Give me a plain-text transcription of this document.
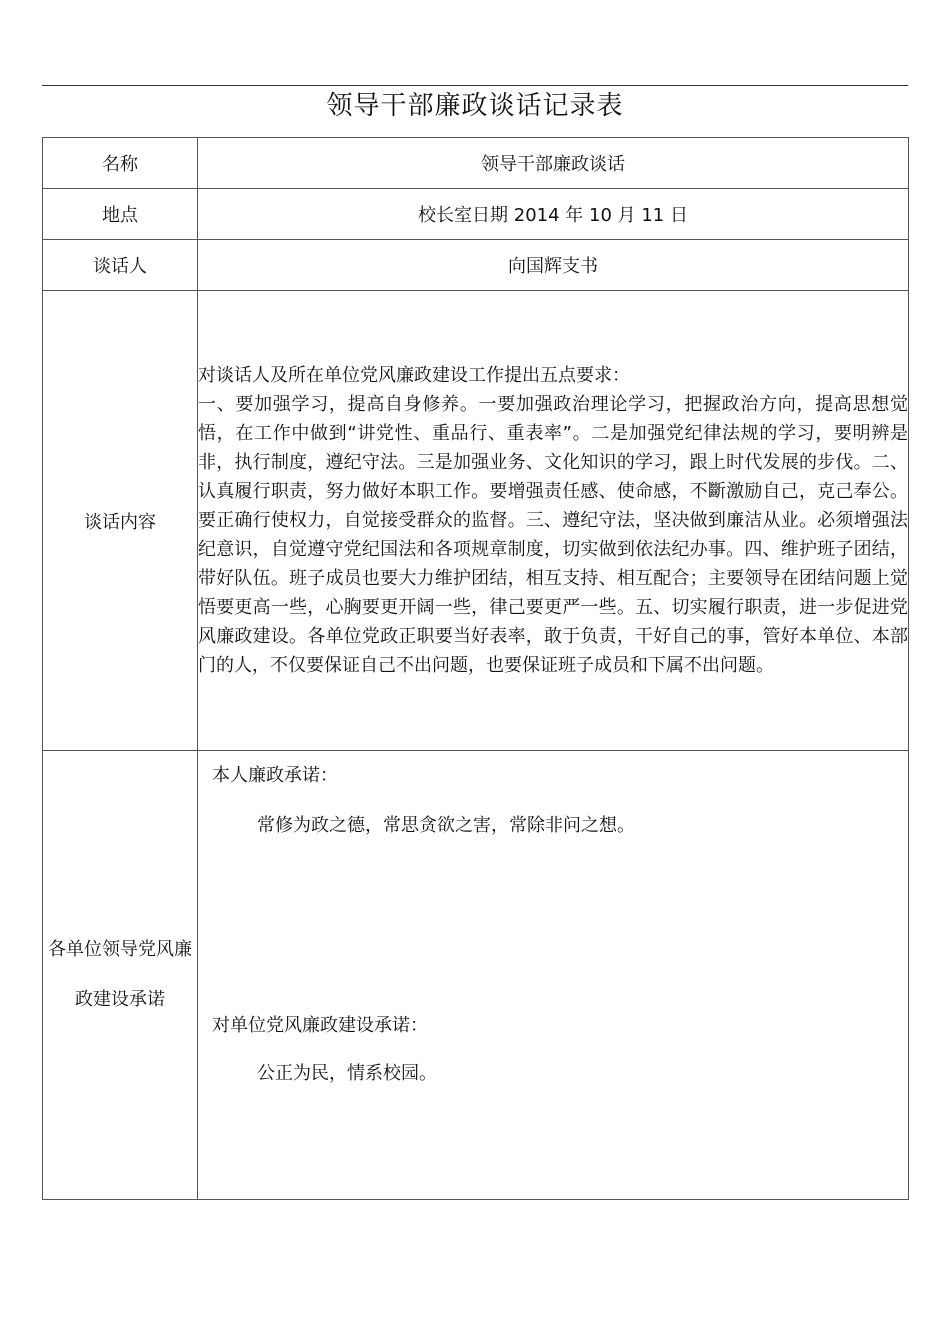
领导干部廉政谈话记录表
名称	领导干部廉政谈话
地点	校长室日期 2014 年 10 月 11 日
谈话人	向国辉支书
谈话内容	对谈话人及所在单位党风廉政建设工作提出五点要求：
一、要加强学习，提高自身修养。一要加强政治理论学习，把握政治方向，提高思想觉悟，在工作中做到“讲党性、重品行、重表率”。二是加强党纪律法规的学习，要明辨是非，执行制度，遵纪守法。三是加强业务、文化知识的学习，跟上时代发展的步伐。二、认真履行职责，努力做好本职工作。要增强责任感、使命感，不斷激励自己，克己奉公。要正确行使权力，自觉接受群众的监督。三、遵纪守法，坚决做到廉洁从业。必须增强法纪意识，自觉遵守党纪国法和各项规章制度，切实做到依法纪办事。四、维护班子团结，带好队伍。班子成员也要大力维护团结，相互支持、相互配合；主要领导在团结问题上觉悟要更高一些，心胸要更开阔一些，律己要更严一些。五、切实履行职责，进一步促进党风廉政建设。各单位党政正职要当好表率，敢于负责，干好自己的事，管好本单位、本部门的人，不仅要保证自己不出问题，也要保证班子成员和下属不出问题。

各单位领导党风廉政建设承诺	本人廉政承诺：
常修为政之德，常思贪欲之害，常除非问之想。
对单位党风廉政建设承诺：
公正为民，情系校园。
